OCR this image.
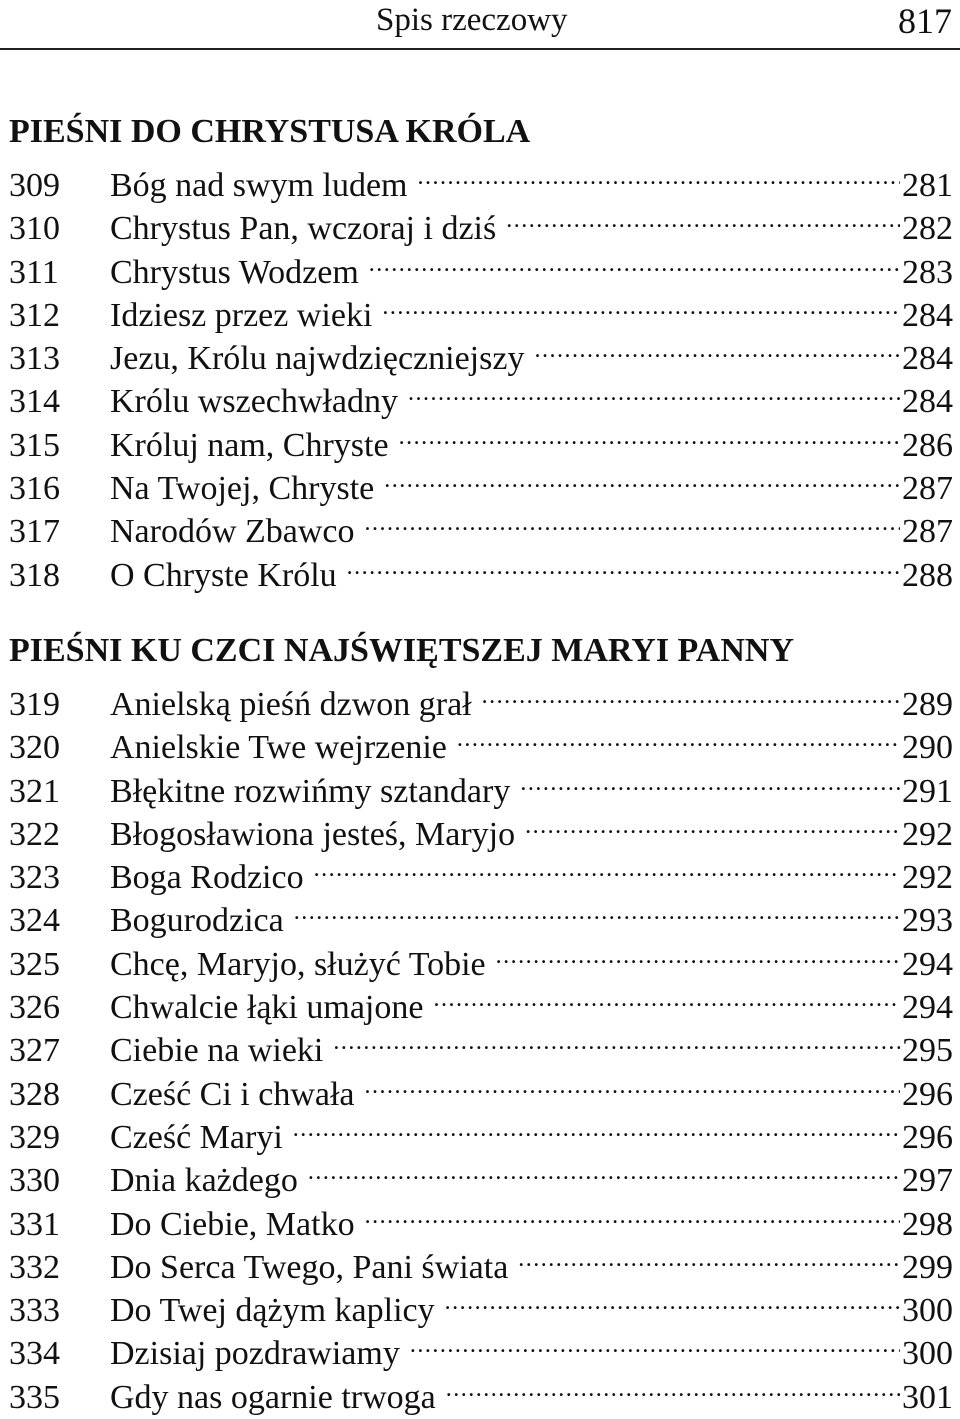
Spis rzeczowy	817
PIEŚNI DO CHRYSTUSA KRÓLA
309	Bóg nad swym ludem .....	281
310	Chrystus Pan, wczoraj i dziś .....	282
311	Chrystus Wodzem .....	283
312	Idziesz przez wieki .....	284
313	Jezu, Królu najwdzięczniejszy .....	284
314	Królu wszechwładny .....	284
315	Króluj nam, Chryste .....	286
316	Na Twojej, Chryste .....	287
317	Narodów Zbawco .....	287
318	O Chryste Królu .....	288
PIEŚNI KU CZCI NAJŚWIĘTSZEJ MARYI PANNY
319	Anielską pieśń dzwon grał .....	289
320	Anielskie Twe wejrzenie .....	290
321	Błękitne rozwińmy sztandary .....	291
322	Błogosławiona jesteś, Maryjo .....	292
323	Boga Rodzico .....	292
324	Bogurodzica .....	293
325	Chcę, Maryjo, służyć Tobie .....	294
326	Chwalcie łąki umajone .....	294
327	Ciebie na wieki .....	295
328	Cześć Ci i chwała .....	296
329	Cześć Maryi .....	296
330	Dnia każdego .....	297
331	Do Ciebie, Matko .....	298
332	Do Serca Twego, Pani świata .....	299
333	Do Twej dążym kaplicy .....	300
334	Dzisiaj pozdrawiamy .....	300
335	Gdy nas ogarnie trwoga .....	301
